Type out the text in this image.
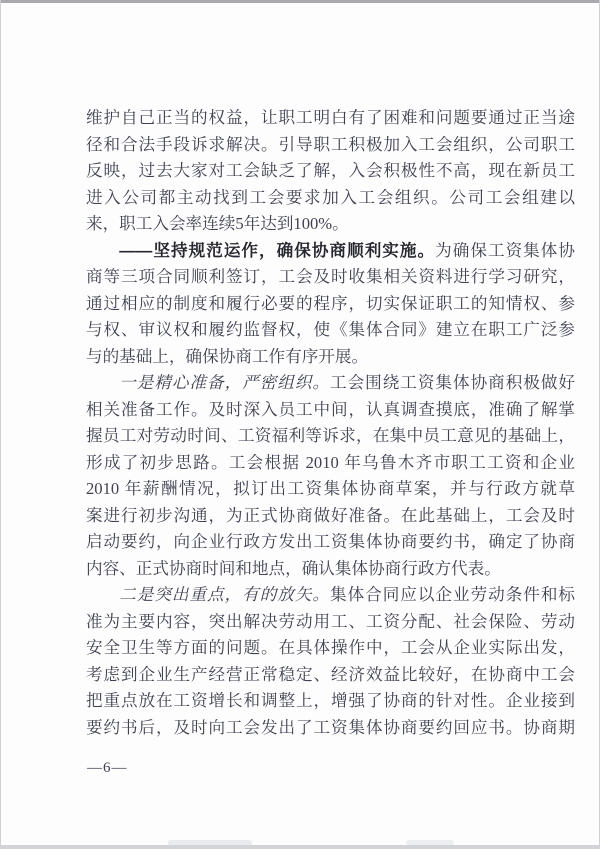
维护自己正当的权益，让职工明白有了困难和问题要通过正当途
径和合法手段诉求解决。引导职工积极加入工会组织，公司职工
反映，过去大家对工会缺乏了解，入会积极性不高，现在新员工
进入公司都主动找到工会要求加入工会组织。公司工会组建以
来，职工入会率连续5年达到100%。
——坚持规范运作，确保协商顺利实施。为确保工资集体协
商等三项合同顺利签订，工会及时收集相关资料进行学习研究，
通过相应的制度和履行必要的程序，切实保证职工的知情权、参
与权、审议权和履约监督权，使《集体合同》建立在职工广泛参
与的基础上，确保协商工作有序开展。
一是精心准备，严密组织。工会围绕工资集体协商积极做好
相关准备工作。及时深入员工中间，认真调查摸底，准确了解掌
握员工对劳动时间、工资福利等诉求，在集中员工意见的基础上，
形成了初步思路。工会根据 2010 年乌鲁木齐市职工工资和企业
2010 年薪酬情况，拟订出工资集体协商草案，并与行政方就草
案进行初步沟通，为正式协商做好准备。在此基础上，工会及时
启动要约，向企业行政方发出工资集体协商要约书，确定了协商
内容、正式协商时间和地点，确认集体协商行政方代表。
二是突出重点，有的放矢。集体合同应以企业劳动条件和标
准为主要内容，突出解决劳动用工、工资分配、社会保险、劳动
安全卫生等方面的问题。在具体操作中，工会从企业实际出发，
考虑到企业生产经营正常稳定、经济效益比较好，在协商中工会
把重点放在工资增长和调整上，增强了协商的针对性。企业接到
要约书后，及时向工会发出了工资集体协商要约回应书。协商期
—6—
